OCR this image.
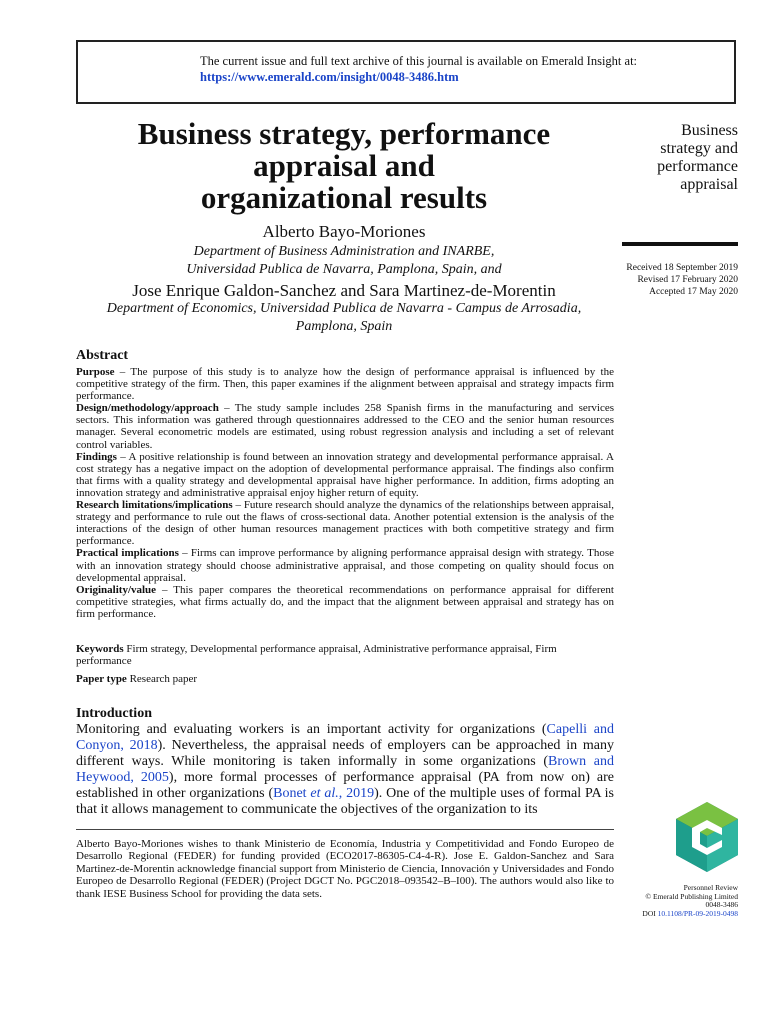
The current issue and full text archive of this journal is available on Emerald Insight at:
https://www.emerald.com/insight/0048-3486.htm
Business strategy, performance
appraisal and
organizational results
Alberto Bayo-Moriones
Department of Business Administration and INARBE,
Universidad Publica de Navarra, Pamplona, Spain, and
Jose Enrique Galdon-Sanchez and Sara Martinez-de-Morentin
Department of Economics, Universidad Publica de Navarra - Campus de Arrosadia,
Pamplona, Spain
Business
strategy and
performance
appraisal
Received 18 September 2019
Revised 17 February 2020
Accepted 17 May 2020
Abstract

Purpose – The purpose of this study is to analyze how the design of performance appraisal is influenced by the competitive strategy of the firm. Then, this paper examines if the alignment between appraisal and strategy impacts firm performance.

Design/methodology/approach – The study sample includes 258 Spanish firms in the manufacturing and services sectors. This information was gathered through questionnaires addressed to the CEO and the senior human resources manager. Several econometric models are estimated, using robust regression analysis and including a set of relevant control variables.

Findings – A positive relationship is found between an innovation strategy and developmental performance appraisal. A cost strategy has a negative impact on the adoption of developmental performance appraisal. The findings also confirm that firms with a quality strategy and developmental appraisal have higher performance. In addition, firms adopting an innovation strategy and administrative appraisal enjoy higher return of equity.

Research limitations/implications – Future research should analyze the dynamics of the relationships between appraisal, strategy and performance to rule out the flaws of cross-sectional data. Another potential extension is the analysis of the interactions of the design of other human resources management practices with both competitive strategy and firm performance.

Practical implications – Firms can improve performance by aligning performance appraisal design with strategy. Those with an innovation strategy should choose administrative appraisal, and those competing on quality should focus on developmental appraisal.

Originality/value – This paper compares the theoretical recommendations on performance appraisal for different competitive strategies, what firms actually do, and the impact that the alignment between appraisal and strategy has on firm performance.

Keywords Firm strategy, Developmental performance appraisal, Administrative performance appraisal, Firm performance
Paper type Research paper
Introduction
Monitoring and evaluating workers is an important activity for organizations (Capelli and Conyon, 2018). Nevertheless, the appraisal needs of employers can be approached in many different ways. While monitoring is taken informally in some organizations (Brown and Heywood, 2005), more formal processes of performance appraisal (PA from now on) are established in other organizations (Bonet et al., 2019). One of the multiple uses of formal PA is that it allows management to communicate the objectives of the organization to its
Alberto Bayo-Moriones wishes to thank Ministerio de Economía, Industria y Competitividad and Fondo Europeo de Desarrollo Regional (FEDER) for funding provided (ECO2017-86305-C4-4-R). Jose E. Galdon-Sanchez and Sara Martinez-de-Morentin acknowledge financial support from Ministerio de Ciencia, Innovación y Universidades and Fondo Europeo de Desarrollo Regional (FEDER) (Project DGCT No. PGC2018–093542–B–I00). The authors would also like to thank IESE Business School for providing the data sets.
Personnel Review
© Emerald Publishing Limited
0048-3486
DOI 10.1108/PR-09-2019-0498
